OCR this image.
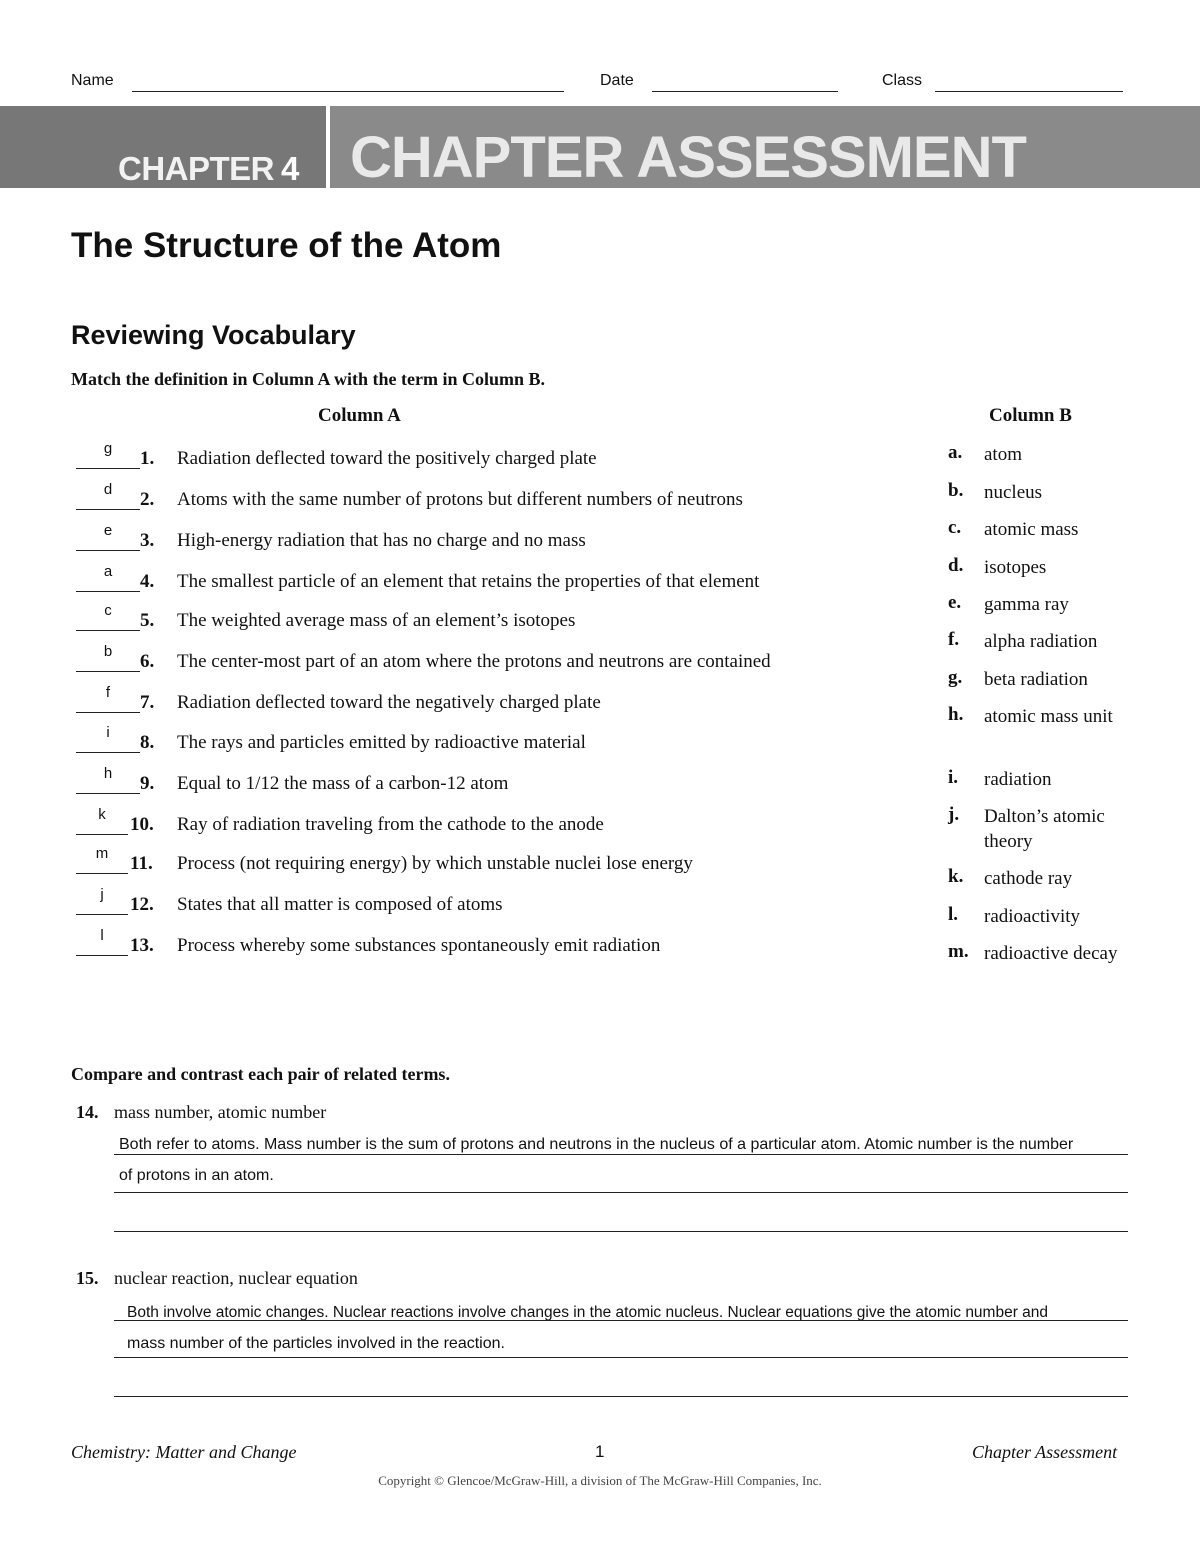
Name	Date	Class
CHAPTER 4 CHAPTER ASSESSMENT
The Structure of the Atom
Reviewing Vocabulary
Match the definition in Column A with the term in Column B.
Column A	Column B
g	1. Radiation deflected toward the positively charged plate
d	2. Atoms with the same number of protons but different numbers of neutrons
e	3. High-energy radiation that has no charge and no mass
a	4. The smallest particle of an element that retains the properties of that element
c	5. The weighted average mass of an element’s isotopes
b	6. The center-most part of an atom where the protons and neutrons are contained
f	7. Radiation deflected toward the negatively charged plate
i	8. The rays and particles emitted by radioactive material
h	9. Equal to 1/12 the mass of a carbon-12 atom
k	10. Ray of radiation traveling from the cathode to the anode
m	11. Process (not requiring energy) by which unstable nuclei lose energy
j	12. States that all matter is composed of atoms
l	13. Process whereby some substances spontaneously emit radiation
a. atom
b. nucleus
c. atomic mass
d. isotopes
e. gamma ray
f. alpha radiation
g. beta radiation
h. atomic mass unit
i. radiation
j. Dalton’s atomic theory
k. cathode ray
l. radioactivity
m. radioactive decay
Compare and contrast each pair of related terms.
14. mass number, atomic number
Both refer to atoms. Mass number is the sum of protons and neutrons in the nucleus of a particular atom. Atomic number is the number
of protons in an atom.
15. nuclear reaction, nuclear equation
Both involve atomic changes. Nuclear reactions involve changes in the atomic nucleus. Nuclear equations give the atomic number and
mass number of the particles involved in the reaction.
Chemistry: Matter and Change	1	Chapter Assessment
Copyright © Glencoe/McGraw-Hill, a division of The McGraw-Hill Companies, Inc.
